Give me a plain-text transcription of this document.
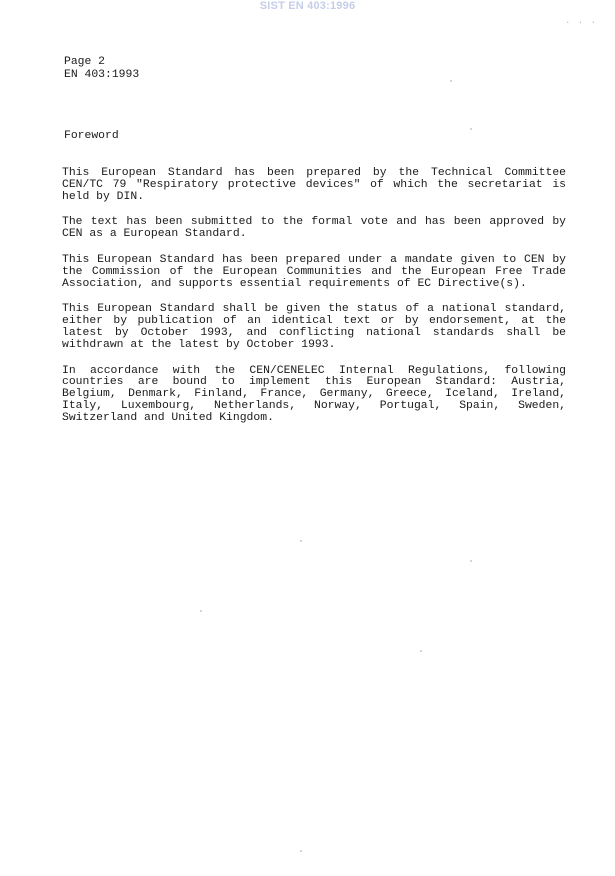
SIST EN 403:1996
· · ·
Page 2
EN 403:1993
Foreword

This European Standard has been prepared by the Technical Committee CEN/TC 79 "Respiratory protective devices" of which the secretariat is held by DIN.

The text has been submitted to the formal vote and has been approved by CEN as a European Standard.

This European Standard has been prepared under a mandate given to CEN by the Commission of the European Communities and the European Free Trade Association, and supports essential requirements of EC Directive(s).

This European Standard shall be given the status of a national standard, either by publication of an identical text or by endorsement, at the latest by October 1993, and conflicting national standards shall be withdrawn at the latest by October 1993.

In accordance with the CEN/CENELEC Internal Regulations, following countries are bound to implement this European Standard: Austria, Belgium, Denmark, Finland, France, Germany, Greece, Iceland, Ireland, Italy, Luxembourg, Netherlands, Norway, Portugal, Spain, Sweden, Switzerland and United Kingdom.
